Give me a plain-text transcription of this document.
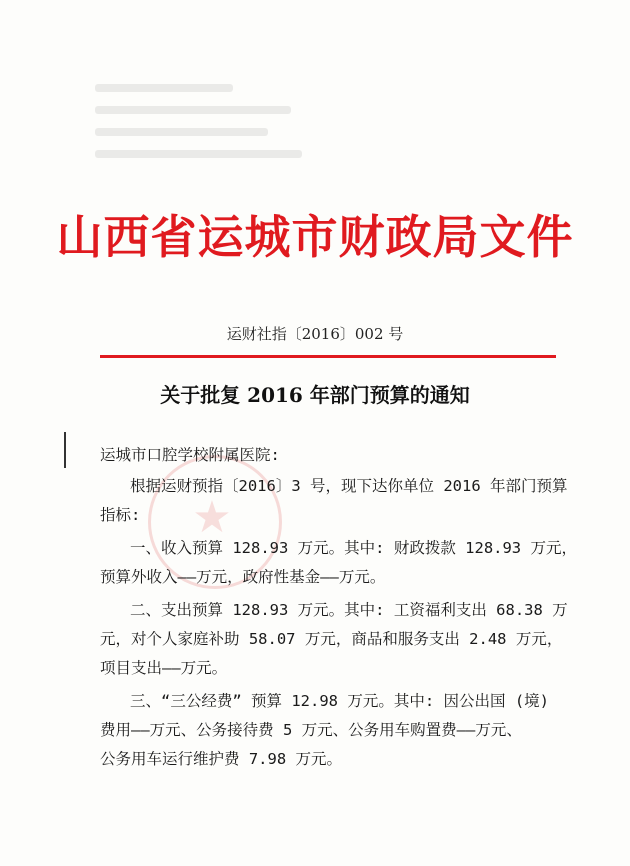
山西省运城市财政局文件
运财社指〔2016〕002 号
关于批复 2016 年部门预算的通知
★
运城市口腔学校附属医院:
根据运财预指〔2016〕3 号，现下达你单位 2016 年部门预算
指标:
一、收入预算 128.93 万元。其中: 财政拨款 128.93 万元，
预算外收入——万元，政府性基金——万元。
二、支出预算 128.93 万元。其中: 工资福利支出 68.38 万
元，对个人家庭补助 58.07 万元，商品和服务支出 2.48 万元，
项目支出——万元。
三、“三公经费” 预算 12.98 万元。其中: 因公出国 (境)
费用——万元、公务接待费 5 万元、公务用车购置费——万元、
公务用车运行维护费 7.98 万元。
